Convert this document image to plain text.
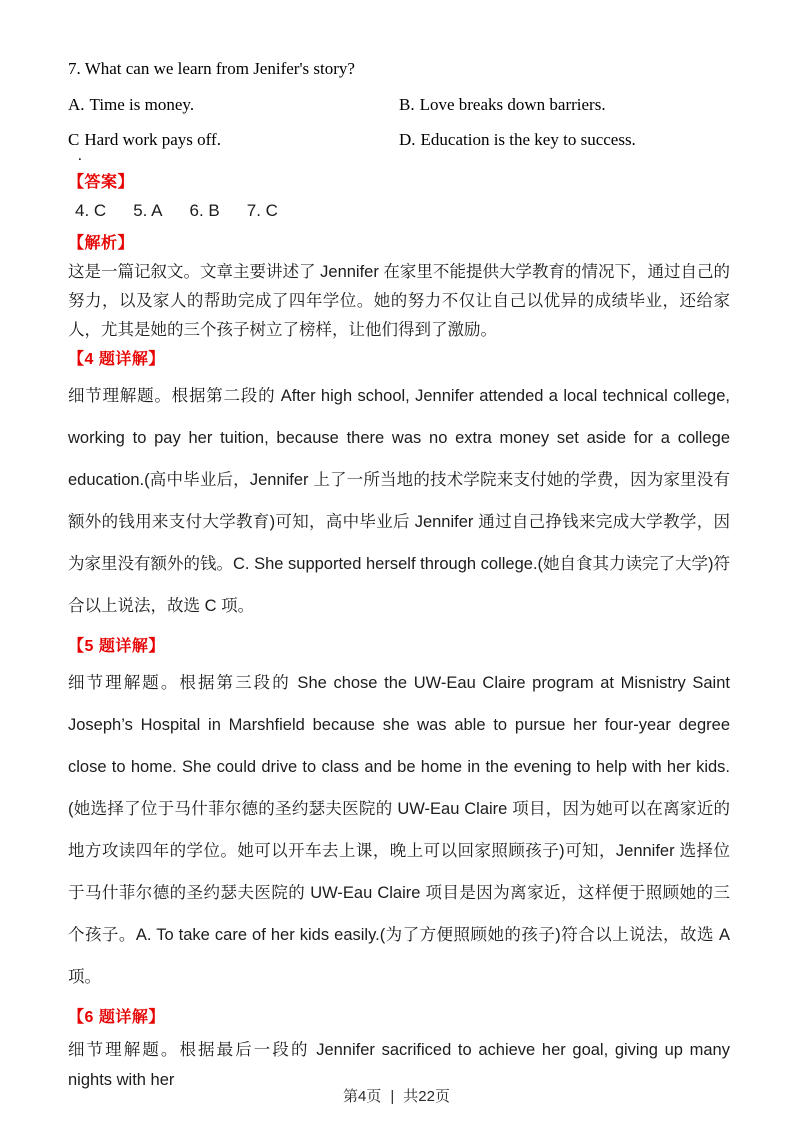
7. What can we learn from Jenifer's story?
A. Time is money.	B. Love breaks down barriers.
C Hard work pays off.
.
D. Education is the key to success.
【答案】
4. C 5. A 6. B 7. C
【解析】
这是一篇记叙文。文章主要讲述了 Jennifer 在家里不能提供大学教育的情况下，通过自己的努力，以及家人的帮助完成了四年学位。她的努力不仅让自己以优异的成绩毕业，还给家人，尤其是她的三个孩子树立了榜样，让他们得到了激励。
【4 题详解】
细节理解题。根据第二段的 After high school, Jennifer attended a local technical college, working to pay her tuition, because there was no extra money set aside for a college education.(高中毕业后，Jennifer 上了一所当地的技术学院来支付她的学费，因为家里没有额外的钱用来支付大学教育)可知，高中毕业后 Jennifer 通过自己挣钱来完成大学教学，因为家里没有额外的钱。C. She supported herself through college.(她自食其力读完了大学)符合以上说法，故选 C 项。
【5 题详解】
细节理解题。根据第三段的 She chose the UW-Eau Claire program at Misnistry Saint Joseph’s Hospital in Marshfield because she was able to pursue her four-year degree close to home. She could drive to class and be home in the evening to help with her kids.(她选择了位于马什菲尔德的圣约瑟夫医院的 UW-Eau Claire 项目，因为她可以在离家近的地方攻读四年的学位。她可以开车去上课，晚上可以回家照顾孩子)可知，Jennifer 选择位于马什菲尔德的圣约瑟夫医院的 UW-Eau Claire 项目是因为离家近，这样便于照顾她的三个孩子。A. To take care of her kids easily.(为了方便照顾她的孩子)符合以上说法，故选 A 项。
【6 题详解】
细节理解题。根据最后一段的 Jennifer sacrificed to achieve her goal, giving up many nights with her
第4页 | 共22页
